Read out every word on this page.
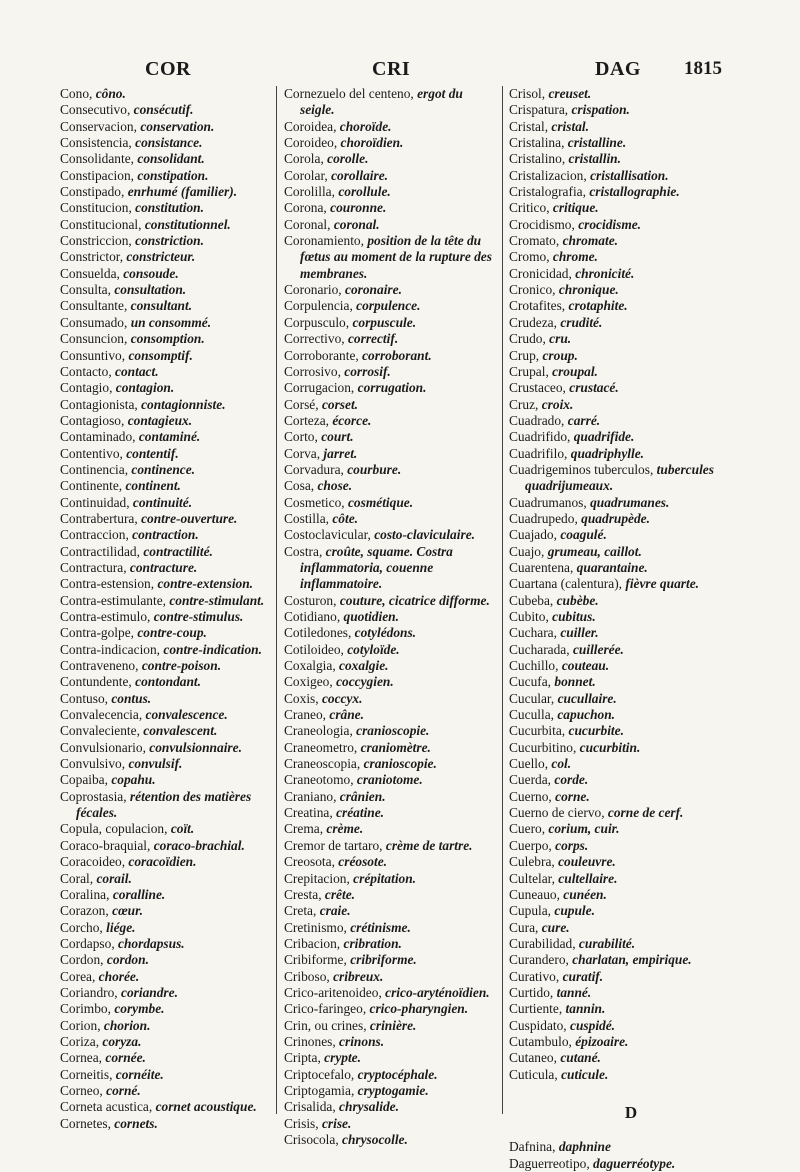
COR	CRI	DAG 1815

Cono, côno.

Consecutivo, consécutif.

Conservacion, conservation.

Consistencia, consistance.

Consolidante, consolidant.

Constipacion, constipation.

Constipado, enrhumé (familier).

Constitucion, constitution.

Constitucional, constitutionnel.

Constriccion, constriction.

Constrictor, constricteur.

Consuelda, consoude.

Consulta, consultation.

Consultante, consultant.

Consumado, un consommé.

Consuncion, consomption.

Consuntivo, consomptif.

Contacto, contact.

Contagio, contagion.

Contagionista, contagionniste.

Contagioso, contagieux.

Contaminado, contaminé.

Contentivo, contentif.

Continencia, continence.

Continente, continent.

Continuidad, continuité.

Contrabertura, contre-ouverture.

Contraccion, contraction.

Contractilidad, contractilité.

Contractura, contracture.

Contra-estension, contre-extension.

Contra-estimulante, contre-stimulant.

Contra-estimulo, contre-stimulus.

Contra-golpe, contre-coup.

Contra-indicacion, contre-indication.

Contraveneno, contre-poison.

Contundente, contondant.

Contuso, contus.

Convalecencia, convalescence.

Convaleciente, convalescent.

Convulsionario, convulsionnaire.

Convulsivo, convulsif.

Copaiba, copahu.

Coprostasia, rétention des matières fécales.

Copula, copulacion, coït.

Coraco-braquial, coraco-brachial.

Coracoideo, coracoïdien.

Coral, corail.

Coralina, coralline.

Corazon, cœur.

Corcho, liége.

Cordapso, chordapsus.

Cordon, cordon.

Corea, chorée.

Coriandro, coriandre.

Corimbo, corymbe.

Corion, chorion.

Coriza, coryza.

Cornea, cornée.

Corneitis, cornéite.

Corneo, corné.

Corneta acustica, cornet acoustique.

Cornetes, cornets.

Cornezuelo del centeno, ergot du seigle.

Coroidea, choroïde.

Coroideo, choroïdien.

Corola, corolle.

Corolar, corollaire.

Corolilla, corollule.

Corona, couronne.

Coronal, coronal.

Coronamiento, position de la tête du fœtus au moment de la rupture des membranes.

Coronario, coronaire.

Corpulencia, corpulence.

Corpusculo, corpuscule.

Correctivo, correctif.

Corroborante, corroborant.

Corrosivo, corrosif.

Corrugacion, corrugation.

Corsé, corset.

Corteza, écorce.

Corto, court.

Corva, jarret.

Corvadura, courbure.

Cosa, chose.

Cosmetico, cosmétique.

Costilla, côte.

Costoclavicular, costo-claviculaire.

Costra, croûte, squame. Costra inflammatoria, couenne inflammatoire.

Costuron, couture, cicatrice difforme.

Cotidiano, quotidien.

Cotiledones, cotylédons.

Cotiloideo, cotyloïde.

Coxalgia, coxalgie.

Coxigeo, coccygien.

Coxis, coccyx.

Craneo, crâne.

Craneologia, cranioscopie.

Craneometro, craniomètre.

Craneoscopia, cranioscopie.

Craneotomo, craniotome.

Craniano, crânien.

Creatina, créatine.

Crema, crème.

Cremor de tartaro, crème de tartre.

Creosota, créosote.

Crepitacion, crépitation.

Cresta, crête.

Creta, craie.

Cretinismo, crétinisme.

Cribacion, cribration.

Cribiforme, cribriforme.

Criboso, cribreux.

Crico-aritenoideo, crico-aryténoïdien.

Crico-faringeo, crico-pharyngien.

Crin, ou crines, crinière.

Crinones, crinons.

Cripta, crypte.

Criptocefalo, cryptocéphale.

Criptogamia, cryptogamie.

Crisalida, chrysalide.

Crisis, crise.

Crisocola, chrysocolle.

Crisol, creuset.

Crispatura, crispation.

Cristal, cristal.

Cristalina, cristalline.

Cristalino, cristallin.

Cristalizacion, cristallisation.

Cristalografia, cristallographie.

Critico, critique.

Crocidismo, crocidisme.

Cromato, chromate.

Cromo, chrome.

Cronicidad, chronicité.

Cronico, chronique.

Crotafites, crotaphite.

Crudeza, crudité.

Crudo, cru.

Crup, croup.

Crupal, croupal.

Crustaceo, crustacé.

Cruz, croix.

Cuadrado, carré.

Cuadrifido, quadrifide.

Cuadrifilo, quadriphylle.

Cuadrigeminos tuberculos, tubercules quadrijumeaux.

Cuadrumanos, quadrumanes.

Cuadrupedo, quadrupède.

Cuajado, coagulé.

Cuajo, grumeau, caillot.

Cuarentena, quarantaine.

Cuartana (calentura), fièvre quarte.

Cubeba, cubèbe.

Cubito, cubitus.

Cuchara, cuiller.

Cucharada, cuillerée.

Cuchillo, couteau.

Cucufa, bonnet.

Cucular, cucullaire.

Cuculla, capuchon.

Cucurbita, cucurbite.

Cucurbitino, cucurbitin.

Cuello, col.

Cuerda, corde.

Cuerno, corne.

Cuerno de ciervo, corne de cerf.

Cuero, corium, cuir.

Cuerpo, corps.

Culebra, couleuvre.

Cultelar, cultellaire.

Cuneauo, cunéen.

Cupula, cupule.

Cura, cure.

Curabilidad, curabilité.

Curandero, charlatan, empirique.

Curativo, curatif.

Curtido, tanné.

Curtiente, tannin.

Cuspidato, cuspidé.

Cutambulo, épizoaire.

Cutaneo, cutané.

Cuticula, cuticule.

D

Dafnina, daphnine

Daguerreotipo, daguerréotype.
